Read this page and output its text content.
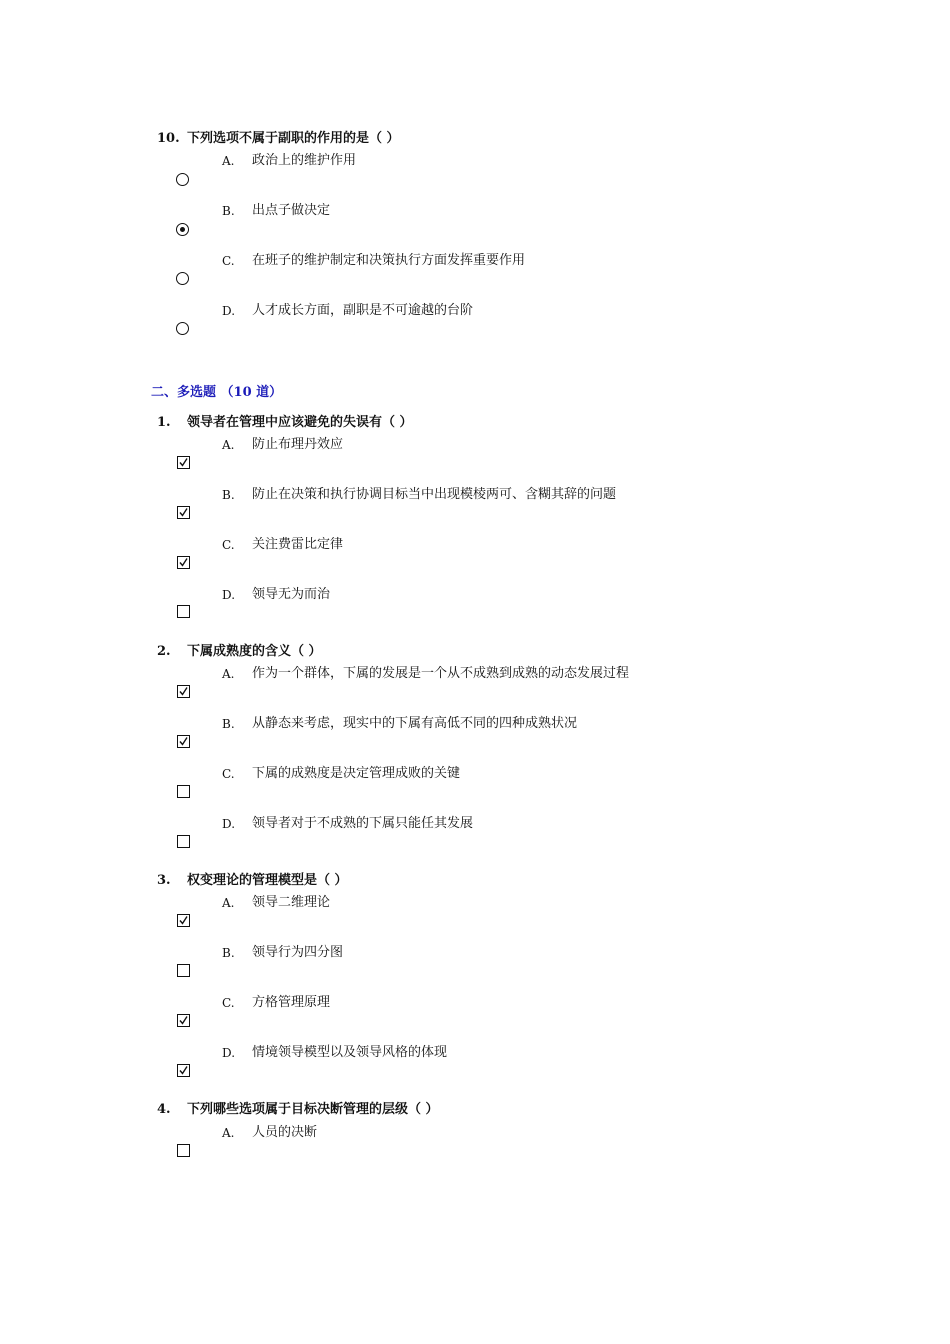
10. 下列选项不属于副职的作用的是（ ）
A. 政治上的维护作用
B. 出点子做决定
C. 在班子的维护制定和决策执行方面发挥重要作用
D. 人才成长方面，副职是不可逾越的台阶
二、多选题 （10 道）
1. 领导者在管理中应该避免的失误有（ ）
A. 防止布理丹效应
B. 防止在决策和执行协调目标当中出现模棱两可、含糊其辞的问题
C. 关注费雷比定律
D. 领导无为而治
2. 下属成熟度的含义（ ）
A. 作为一个群体，下属的发展是一个从不成熟到成熟的动态发展过程
B. 从静态来考虑，现实中的下属有高低不同的四种成熟状况
C. 下属的成熟度是决定管理成败的关键
D. 领导者对于不成熟的下属只能任其发展
3. 权变理论的管理模型是（ ）
A. 领导二维理论
B. 领导行为四分图
C. 方格管理原理
D. 情境领导模型以及领导风格的体现
4. 下列哪些选项属于目标决断管理的层级（ ）
A. 人员的决断
